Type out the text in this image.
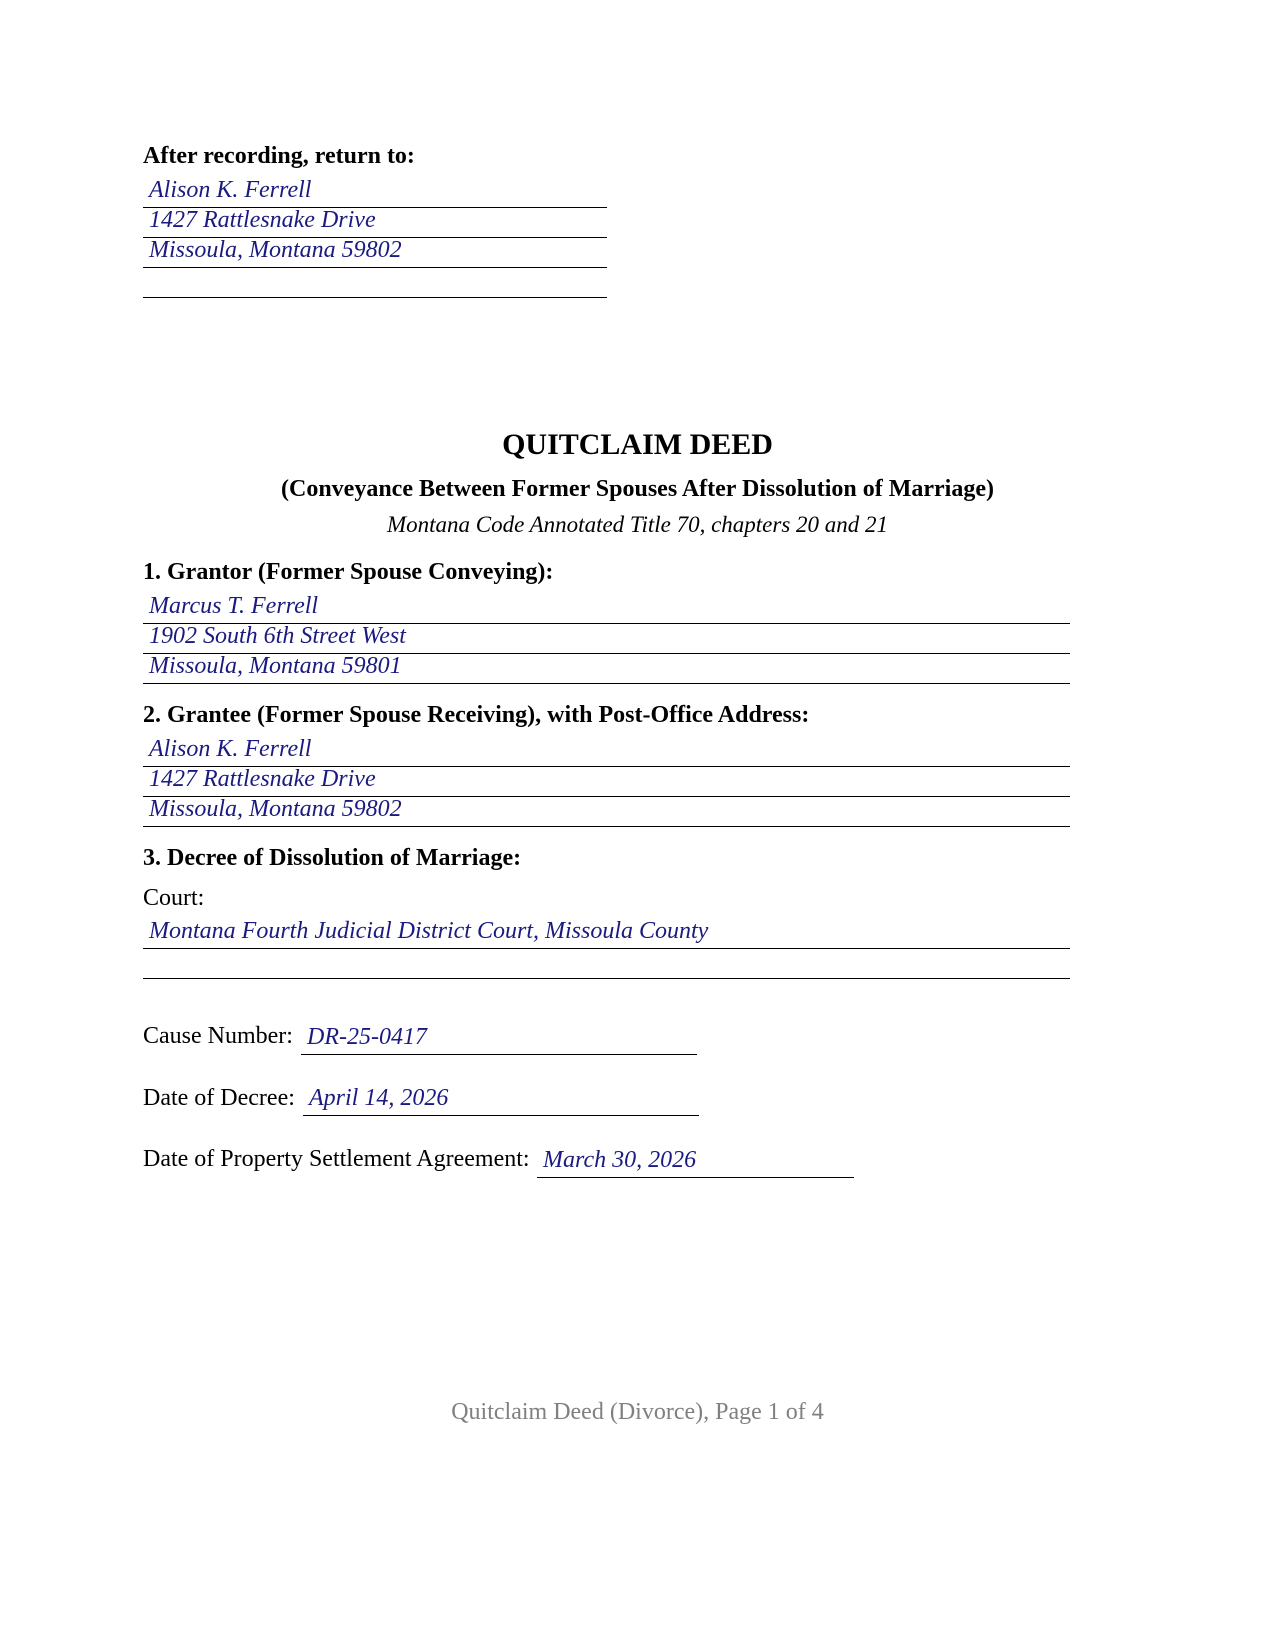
After recording, return to:
Alison K. Ferrell
1427 Rattlesnake Drive
Missoula, Montana 59802
QUITCLAIM DEED
(Conveyance Between Former Spouses After Dissolution of Marriage)
Montana Code Annotated Title 70, chapters 20 and 21
1. Grantor (Former Spouse Conveying):
Marcus T. Ferrell
1902 South 6th Street West
Missoula, Montana 59801
2. Grantee (Former Spouse Receiving), with Post-Office Address:
Alison K. Ferrell
1427 Rattlesnake Drive
Missoula, Montana 59802
3. Decree of Dissolution of Marriage:
Court:
Montana Fourth Judicial District Court, Missoula County
Cause Number: DR-25-0417
Date of Decree: April 14, 2026
Date of Property Settlement Agreement: March 30, 2026
Quitclaim Deed (Divorce), Page 1 of 4
